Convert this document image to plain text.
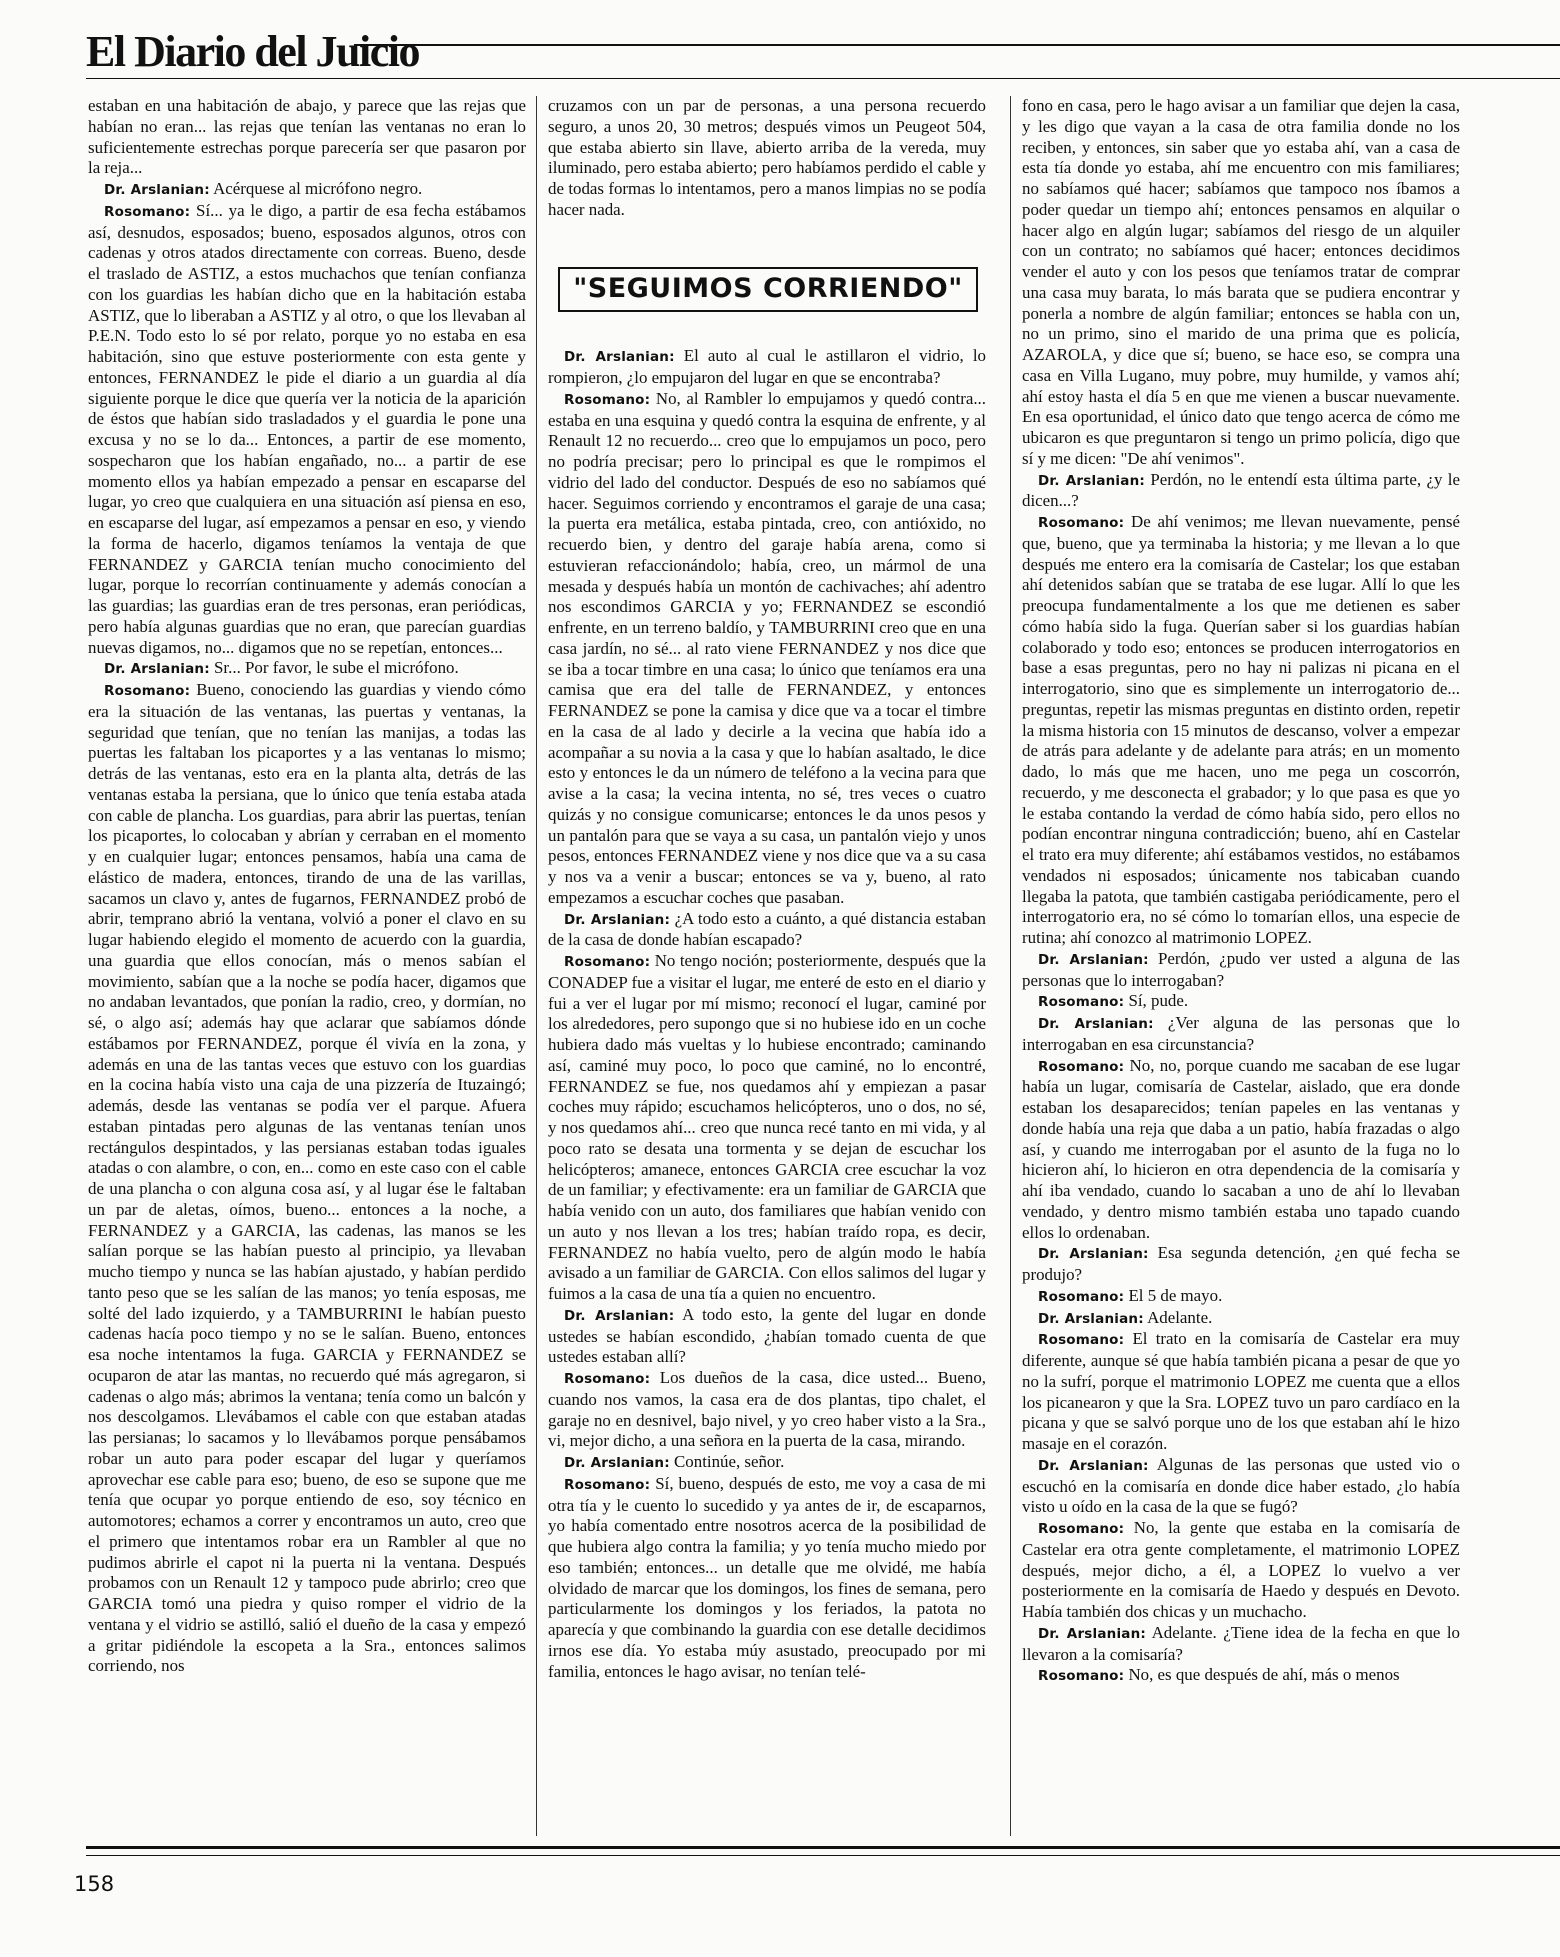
El Diario del Juicio

estaban en una habitación de abajo, y parece que las rejas que habían no eran... las rejas que tenían las ventanas no eran lo suficientemente estrechas porque parecería ser que pasaron por la reja...

Dr. Arslanian: Acérquese al micrófono negro.

Rosomano: Sí... ya le digo, a partir de esa fecha estábamos así, desnudos, esposados; bueno, esposados algunos, otros con cadenas y otros atados directamente con correas. Bueno, desde el traslado de ASTIZ, a estos muchachos que tenían confianza con los guardias les habían dicho que en la habitación estaba ASTIZ, que lo liberaban a ASTIZ y al otro, o que los llevaban al P.E.N. Todo esto lo sé por relato, porque yo no estaba en esa habitación, sino que estuve posteriormente con esta gente y entonces, FERNANDEZ le pide el diario a un guardia al día siguiente porque le dice que quería ver la noticia de la aparición de éstos que habían sido trasladados y el guardia le pone una excusa y no se lo da... Entonces, a partir de ese momento, sospecharon que los habían engañado, no... a partir de ese momento ellos ya habían empezado a pensar en escaparse del lugar, yo creo que cualquiera en una situación así piensa en eso, en escaparse del lugar, así empezamos a pensar en eso, y viendo la forma de hacerlo, digamos teníamos la ventaja de que FERNANDEZ y GARCIA tenían mucho conocimiento del lugar, porque lo recorrían continuamente y además conocían a las guardias; las guardias eran de tres personas, eran periódicas, pero había algunas guardias que no eran, que parecían guardias nuevas digamos, no... digamos que no se repetían, entonces...

Dr. Arslanian: Sr... Por favor, le sube el micrófono.

Rosomano: Bueno, conociendo las guardias y viendo cómo era la situación de las ventanas, las puertas y ventanas, la seguridad que tenían, que no tenían las manijas, a todas las puertas les faltaban los picaportes y a las ventanas lo mismo; detrás de las ventanas, esto era en la planta alta, detrás de las ventanas estaba la persiana, que lo único que tenía estaba atada con cable de plancha. Los guardias, para abrir las puertas, tenían los picaportes, lo colocaban y abrían y cerraban en el momento y en cualquier lugar; entonces pensamos, había una cama de elástico de madera, entonces, tirando de una de las varillas, sacamos un clavo y, antes de fugarnos, FERNANDEZ probó de abrir, temprano abrió la ventana, volvió a poner el clavo en su lugar habiendo elegido el momento de acuerdo con la guardia, una guardia que ellos conocían, más o menos sabían el movimiento, sabían que a la noche se podía hacer, digamos que no andaban levantados, que ponían la radio, creo, y dormían, no sé, o algo así; además hay que aclarar que sabíamos dónde estábamos por FERNANDEZ, porque él vivía en la zona, y además en una de las tantas veces que estuvo con los guardias en la cocina había visto una caja de una pizzería de Ituzaingó; además, desde las ventanas se podía ver el parque. Afuera estaban pintadas pero algunas de las ventanas tenían unos rectángulos despintados, y las persianas estaban todas iguales atadas o con alambre, o con, en... como en este caso con el cable de una plancha o con alguna cosa así, y al lugar ése le faltaban un par de aletas, oímos, bueno... entonces a la noche, a FERNANDEZ y a GARCIA, las cadenas, las manos se les salían porque se las habían puesto al principio, ya llevaban mucho tiempo y nunca se las habían ajustado, y habían perdido tanto peso que se les salían de las manos; yo tenía esposas, me solté del lado izquierdo, y a TAMBURRINI le habían puesto cadenas hacía poco tiempo y no se le salían. Bueno, entonces esa noche intentamos la fuga. GARCIA y FERNANDEZ se ocuparon de atar las mantas, no recuerdo qué más agregaron, si cadenas o algo más; abrimos la ventana; tenía como un balcón y nos descolgamos. Llevábamos el cable con que estaban atadas las persianas; lo sacamos y lo llevábamos porque pensábamos robar un auto para poder escapar del lugar y queríamos aprovechar ese cable para eso; bueno, de eso se supone que me tenía que ocupar yo porque entiendo de eso, soy técnico en automotores; echamos a correr y encontramos un auto, creo que el primero que intentamos robar era un Rambler al que no pudimos abrirle el capot ni la puerta ni la ventana. Después probamos con un Renault 12 y tampoco pude abrirlo; creo que GARCIA tomó una piedra y quiso romper el vidrio de la ventana y el vidrio se astilló, salió el dueño de la casa y empezó a gritar pidiéndole la escopeta a la Sra., entonces salimos corriendo, nos

cruzamos con un par de personas, a una persona recuerdo seguro, a unos 20, 30 metros; después vimos un Peugeot 504, que estaba abierto sin llave, abierto arriba de la vereda, muy iluminado, pero estaba abierto; pero habíamos perdido el cable y de todas formas lo intentamos, pero a manos limpias no se podía hacer nada.

"SEGUIMOS CORRIENDO"

Dr. Arslanian: El auto al cual le astillaron el vidrio, lo rompieron, ¿lo empujaron del lugar en que se encontraba?

Rosomano: No, al Rambler lo empujamos y quedó contra... estaba en una esquina y quedó contra la esquina de enfrente, y al Renault 12 no recuerdo... creo que lo empujamos un poco, pero no podría precisar; pero lo principal es que le rompimos el vidrio del lado del conductor. Después de eso no sabíamos qué hacer. Seguimos corriendo y encontramos el garaje de una casa; la puerta era metálica, estaba pintada, creo, con antióxido, no recuerdo bien, y dentro del garaje había arena, como si estuvieran refaccionándolo; había, creo, un mármol de una mesada y después había un montón de cachivaches; ahí adentro nos escondimos GARCIA y yo; FERNANDEZ se escondió enfrente, en un terreno baldío, y TAMBURRINI creo que en una casa jardín, no sé... al rato viene FERNANDEZ y nos dice que se iba a tocar timbre en una casa; lo único que teníamos era una camisa que era del talle de FERNANDEZ, y entonces FERNANDEZ se pone la camisa y dice que va a tocar el timbre en la casa de al lado y decirle a la vecina que había ido a acompañar a su novia a la casa y que lo habían asaltado, le dice esto y entonces le da un número de teléfono a la vecina para que avise a la casa; la vecina intenta, no sé, tres veces o cuatro quizás y no consigue comunicarse; entonces le da unos pesos y un pantalón para que se vaya a su casa, un pantalón viejo y unos pesos, entonces FERNANDEZ viene y nos dice que va a su casa y nos va a venir a buscar; entonces se va y, bueno, al rato empezamos a escuchar coches que pasaban.

Dr. Arslanian: ¿A todo esto a cuánto, a qué distancia estaban de la casa de donde habían escapado?

Rosomano: No tengo noción; posteriormente, después que la CONADEP fue a visitar el lugar, me enteré de esto en el diario y fui a ver el lugar por mí mismo; reconocí el lugar, caminé por los alrededores, pero supongo que si no hubiese ido en un coche hubiera dado más vueltas y lo hubiese encontrado; caminando así, caminé muy poco, lo poco que caminé, no lo encontré, FERNANDEZ se fue, nos quedamos ahí y empiezan a pasar coches muy rápido; escuchamos helicópteros, uno o dos, no sé, y nos quedamos ahí... creo que nunca recé tanto en mi vida, y al poco rato se desata una tormenta y se dejan de escuchar los helicópteros; amanece, entonces GARCIA cree escuchar la voz de un familiar; y efectivamente: era un familiar de GARCIA que había venido con un auto, dos familiares que habían venido con un auto y nos llevan a los tres; habían traído ropa, es decir, FERNANDEZ no había vuelto, pero de algún modo le había avisado a un familiar de GARCIA. Con ellos salimos del lugar y fuimos a la casa de una tía a quien no encuentro.

Dr. Arslanian: A todo esto, la gente del lugar en donde ustedes se habían escondido, ¿habían tomado cuenta de que ustedes estaban allí?

Rosomano: Los dueños de la casa, dice usted... Bueno, cuando nos vamos, la casa era de dos plantas, tipo chalet, el garaje no en desnivel, bajo nivel, y yo creo haber visto a la Sra., vi, mejor dicho, a una señora en la puerta de la casa, mirando.

Dr. Arslanian: Continúe, señor.

Rosomano: Sí, bueno, después de esto, me voy a casa de mi otra tía y le cuento lo sucedido y ya antes de ir, de escaparnos, yo había comentado entre nosotros acerca de la posibilidad de que hubiera algo contra la familia; y yo tenía mucho miedo por eso también; entonces... un detalle que me olvidé, me había olvidado de marcar que los domingos, los fines de semana, pero particularmente los domingos y los feriados, la patota no aparecía y que combinando la guardia con ese detalle decidimos irnos ese día. Yo estaba múy asustado, preocupado por mi familia, entonces le hago avisar, no tenían telé-

fono en casa, pero le hago avisar a un familiar que dejen la casa, y les digo que vayan a la casa de otra familia donde no los reciben, y entonces, sin saber que yo estaba ahí, van a casa de esta tía donde yo estaba, ahí me encuentro con mis familiares; no sabíamos qué hacer; sabíamos que tampoco nos íbamos a poder quedar un tiempo ahí; entonces pensamos en alquilar o hacer algo en algún lugar; sabíamos del riesgo de un alquiler con un contrato; no sabíamos qué hacer; entonces decidimos vender el auto y con los pesos que teníamos tratar de comprar una casa muy barata, lo más barata que se pudiera encontrar y ponerla a nombre de algún familiar; entonces se habla con un, no un primo, sino el marido de una prima que es policía, AZAROLA, y dice que sí; bueno, se hace eso, se compra una casa en Villa Lugano, muy pobre, muy humilde, y vamos ahí; ahí estoy hasta el día 5 en que me vienen a buscar nuevamente. En esa oportunidad, el único dato que tengo acerca de cómo me ubicaron es que preguntaron si tengo un primo policía, digo que sí y me dicen: "De ahí venimos".

Dr. Arslanian: Perdón, no le entendí esta última parte, ¿y le dicen...?

Rosomano: De ahí venimos; me llevan nuevamente, pensé que, bueno, que ya terminaba la historia; y me llevan a lo que después me entero era la comisaría de Castelar; los que estaban ahí detenidos sabían que se trataba de ese lugar. Allí lo que les preocupa fundamentalmente a los que me detienen es saber cómo había sido la fuga. Querían saber si los guardias habían colaborado y todo eso; entonces se producen interrogatorios en base a esas preguntas, pero no hay ni palizas ni picana en el interrogatorio, sino que es simplemente un interrogatorio de... preguntas, repetir las mismas preguntas en distinto orden, repetir la misma historia con 15 minutos de descanso, volver a empezar de atrás para adelante y de adelante para atrás; en un momento dado, lo más que me hacen, uno me pega un coscorrón, recuerdo, y me desconecta el grabador; y lo que pasa es que yo le estaba contando la verdad de cómo había sido, pero ellos no podían encontrar ninguna contradicción; bueno, ahí en Castelar el trato era muy diferente; ahí estábamos vestidos, no estábamos vendados ni esposados; únicamente nos tabicaban cuando llegaba la patota, que también castigaba periódicamente, pero el interrogatorio era, no sé cómo lo tomarían ellos, una especie de rutina; ahí conozco al matrimonio LOPEZ.

Dr. Arslanian: Perdón, ¿pudo ver usted a alguna de las personas que lo interrogaban?

Rosomano: Sí, pude.

Dr. Arslanian: ¿Ver alguna de las personas que lo interrogaban en esa circunstancia?

Rosomano: No, no, porque cuando me sacaban de ese lugar había un lugar, comisaría de Castelar, aislado, que era donde estaban los desaparecidos; tenían papeles en las ventanas y donde había una reja que daba a un patio, había frazadas o algo así, y cuando me interrogaban por el asunto de la fuga no lo hicieron ahí, lo hicieron en otra dependencia de la comisaría y ahí iba vendado, cuando lo sacaban a uno de ahí lo llevaban vendado, y dentro mismo también estaba uno tapado cuando ellos lo ordenaban.

Dr. Arslanian: Esa segunda detención, ¿en qué fecha se produjo?

Rosomano: El 5 de mayo.

Dr. Arslanian: Adelante.

Rosomano: El trato en la comisaría de Castelar era muy diferente, aunque sé que había también picana a pesar de que yo no la sufrí, porque el matrimonio LOPEZ me cuenta que a ellos los picanearon y que la Sra. LOPEZ tuvo un paro cardíaco en la picana y que se salvó porque uno de los que estaban ahí le hizo masaje en el corazón.

Dr. Arslanian: Algunas de las personas que usted vio o escuchó en la comisaría en donde dice haber estado, ¿lo había visto u oído en la casa de la que se fugó?

Rosomano: No, la gente que estaba en la comisaría de Castelar era otra gente completamente, el matrimonio LOPEZ después, mejor dicho, a él, a LOPEZ lo vuelvo a ver posteriormente en la comisaría de Haedo y después en Devoto. Había también dos chicas y un muchacho.

Dr. Arslanian: Adelante. ¿Tiene idea de la fecha en que lo llevaron a la comisaría?

Rosomano: No, es que después de ahí, más o menos

158
